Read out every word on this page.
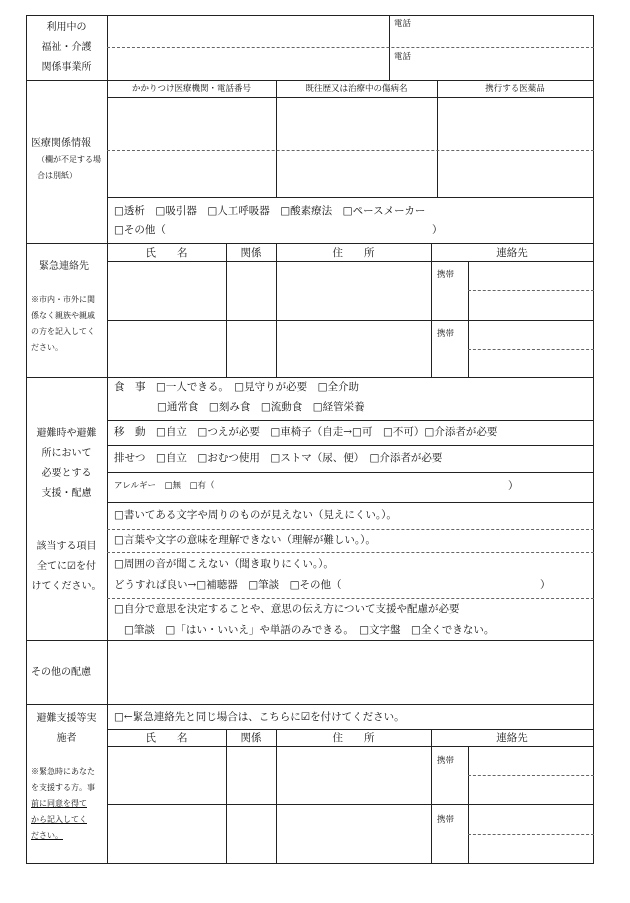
利用中の
福祉・介護
関係事業所
電話
電話
医療関係情報
（欄が不足する場
合は別紙）
かかりつけ医療機関・電話番号	既往歴又は治療中の傷病名	携行する医薬品
□透析　□吸引器　□人工呼吸器　□酸素療法　□ペースメーカー
□その他（	）
緊急連絡先
※市内・市外に関
係なく親族や親戚
の方を記入してく
ださい。
氏　　名	関係	住　　所	連絡先
携帯
携帯
避難時や避難
所において
必要とする
支援・配慮
該当する項目
全てに☑を付
けてください。
食　事　□一人できる。　□見守りが必要　□全介助
□通常食　□刻み食　□流動食　□経管栄養
移　動　□自立　□つえが必要　□車椅子（自走→□可　□不可）□介添者が必要
排せつ　□自立　□おむつ使用　□ストマ（尿、便）　□介添者が必要
アレルギー　□無　□有（	）
□書いてある文字や周りのものが見えない（見えにくい。）。
□言葉や文字の意味を理解できない（理解が難しい。）。
□周囲の音が聞こえない（聞き取りにくい。）。
どうすれば良い→□補聴器　□筆談　□その他（	）
□自分で意思を決定することや、意思の伝え方について支援や配慮が必要
□筆談　□「はい・いいえ」や単語のみできる。　□文字盤　□全くできない。
その他の配慮
避難支援等実
施者
※緊急時にあなた
を支援する方。事
前に同意を得て
から記入してく
ださい。
□←緊急連絡先と同じ場合は、こちらに☑を付けてください。
氏　　名	関係	住　　所	連絡先
携帯
携帯
